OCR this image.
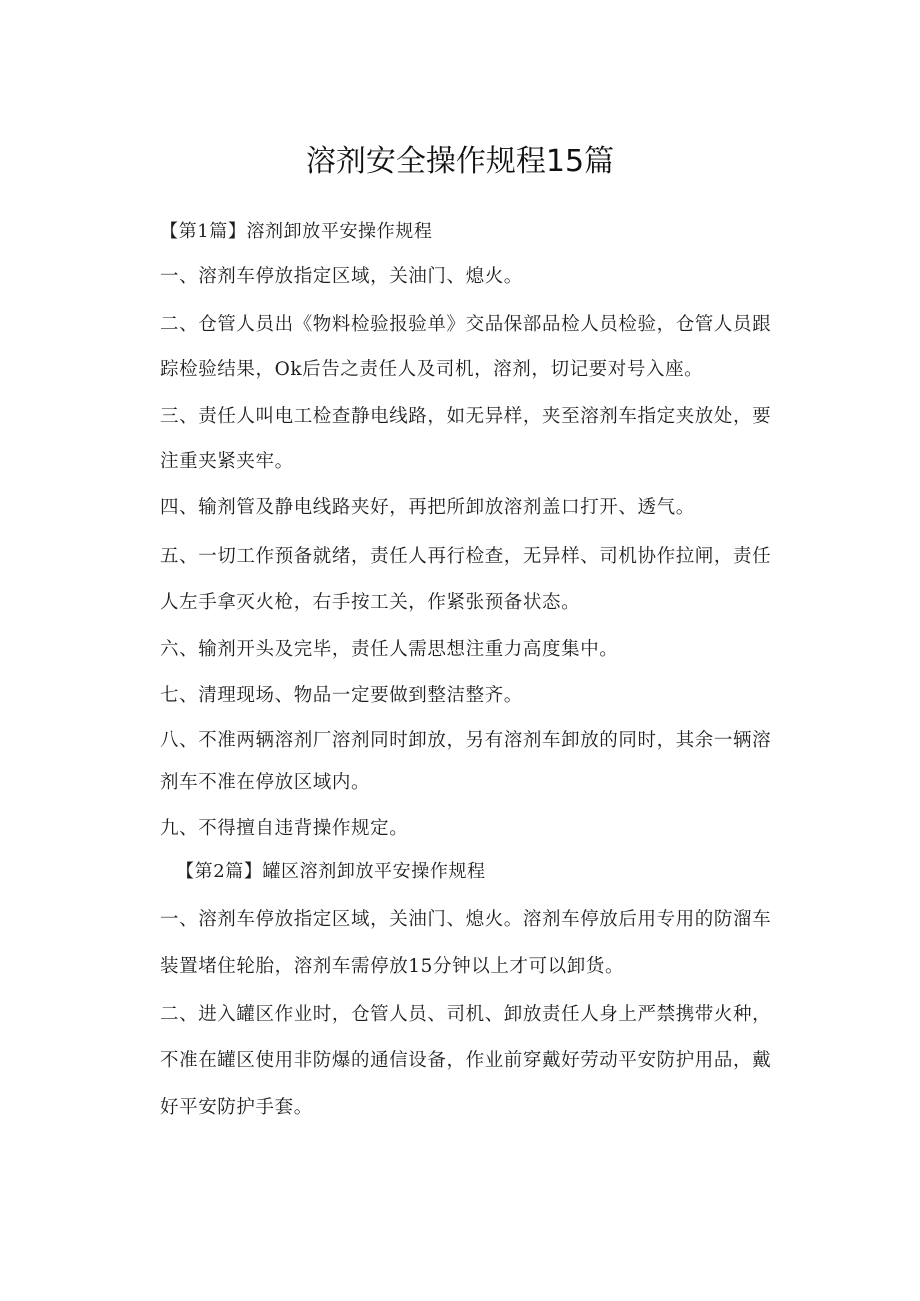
溶剂安全操作规程15篇
【第1篇】溶剂卸放平安操作规程
一、溶剂车停放指定区域，关油门、熄火。
二、仓管人员出《物料检验报验单》交品保部品检人员检验，仓管人员跟
踪检验结果，Ok后告之责任人及司机，溶剂，切记要对号入座。
三、责任人叫电工检查静电线路，如无异样，夹至溶剂车指定夹放处，要
注重夹紧夹牢。
四、输剂管及静电线路夹好，再把所卸放溶剂盖口打开、透气。
五、一切工作预备就绪，责任人再行检查，无异样、司机协作拉闸，责任
人左手拿灭火枪，右手按工关，作紧张预备状态。
六、输剂开头及完毕，责任人需思想注重力高度集中。
七、清理现场、物品一定要做到整洁整齐。
八、不准两辆溶剂厂溶剂同时卸放，另有溶剂车卸放的同时，其余一辆溶
剂车不准在停放区域内。
九、不得擅自违背操作规定。
【第2篇】罐区溶剂卸放平安操作规程
一、溶剂车停放指定区域，关油门、熄火。溶剂车停放后用专用的防溜车
装置堵住轮胎，溶剂车需停放15分钟以上才可以卸货。
二、进入罐区作业时，仓管人员、司机、卸放责任人身上严禁携带火种，
不准在罐区使用非防爆的通信设备，作业前穿戴好劳动平安防护用品，戴
好平安防护手套。
